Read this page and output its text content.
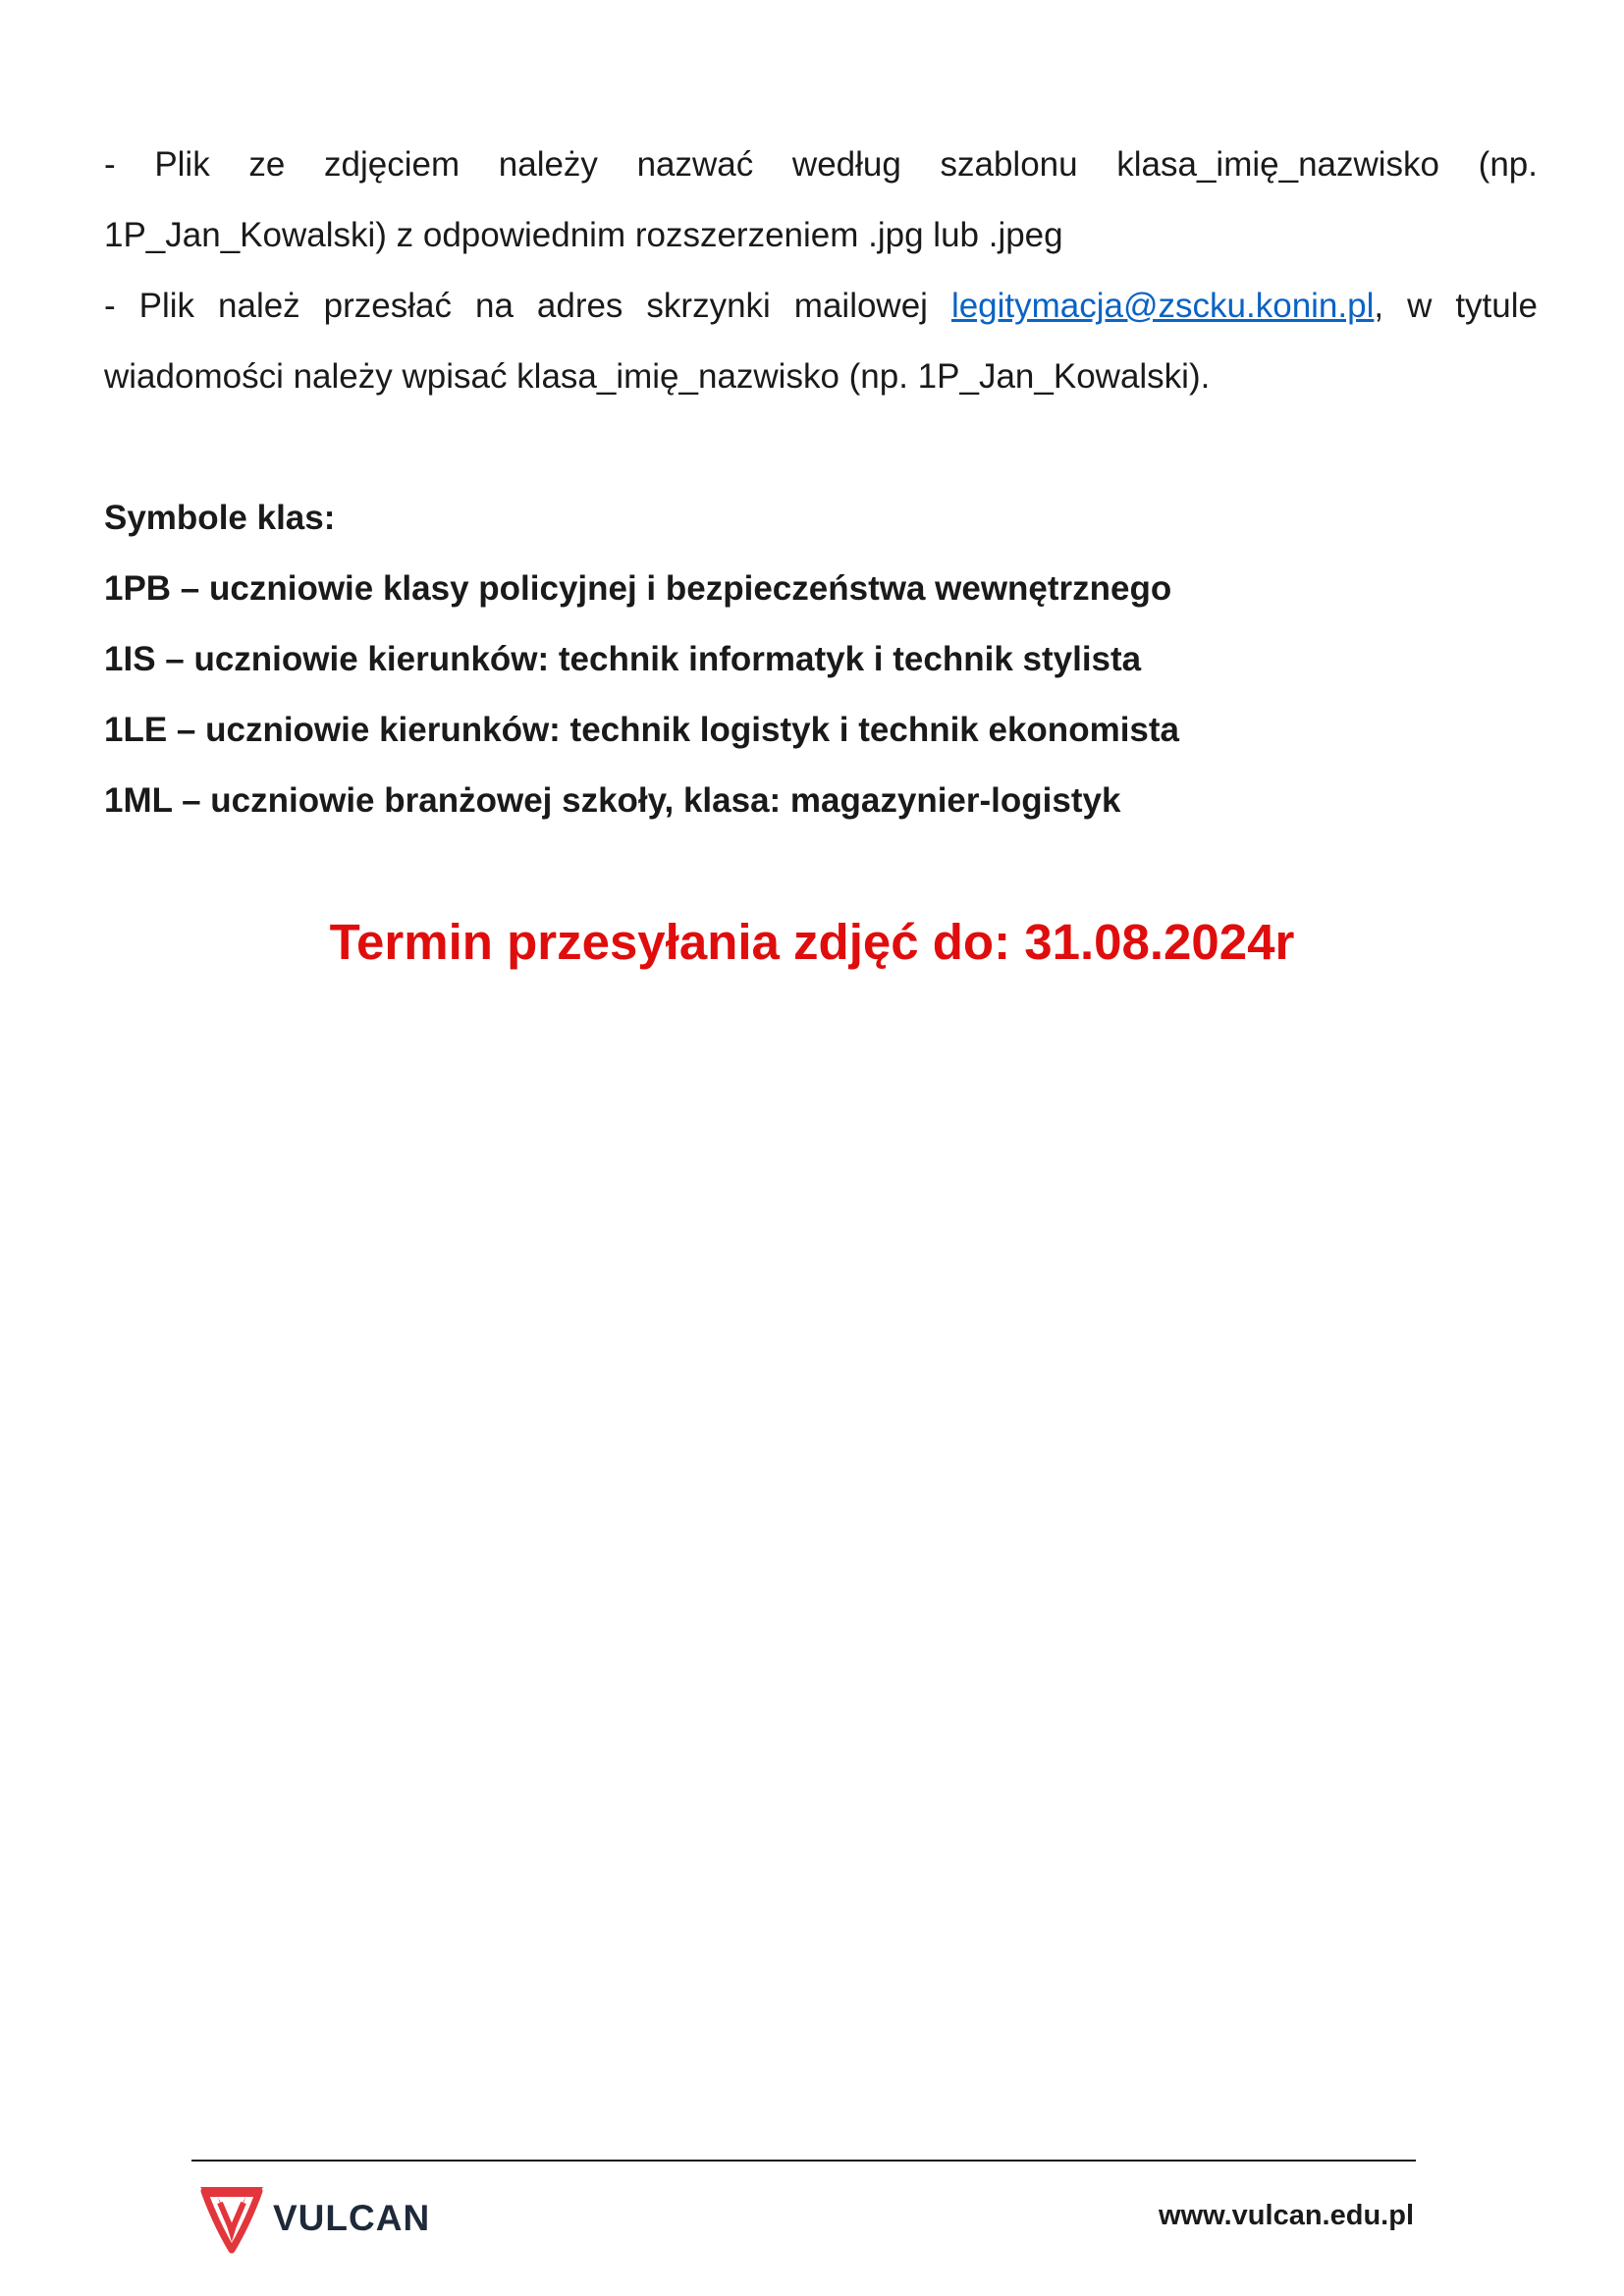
- Plik ze zdjęciem należy nazwać według szablonu klasa_imię_nazwisko (np.
1P_Jan_Kowalski) z odpowiednim rozszerzeniem .jpg lub .jpeg
- Plik należ przesłać na adres skrzynki mailowej legitymacja@zscku.konin.pl, w tytule
wiadomości należy wpisać klasa_imię_nazwisko (np. 1P_Jan_Kowalski).

Symbole klas:
1PB – uczniowie klasy policyjnej i bezpieczeństwa wewnętrznego
1IS – uczniowie kierunków: technik informatyk i technik stylista
1LE – uczniowie kierunków: technik logistyk i technik ekonomista
1ML – uczniowie branżowej szkoły, klasa: magazynier-logistyk
Termin przesyłania zdjęć do: 31.08.2024r
VULCAN	www.vulcan.edu.pl
